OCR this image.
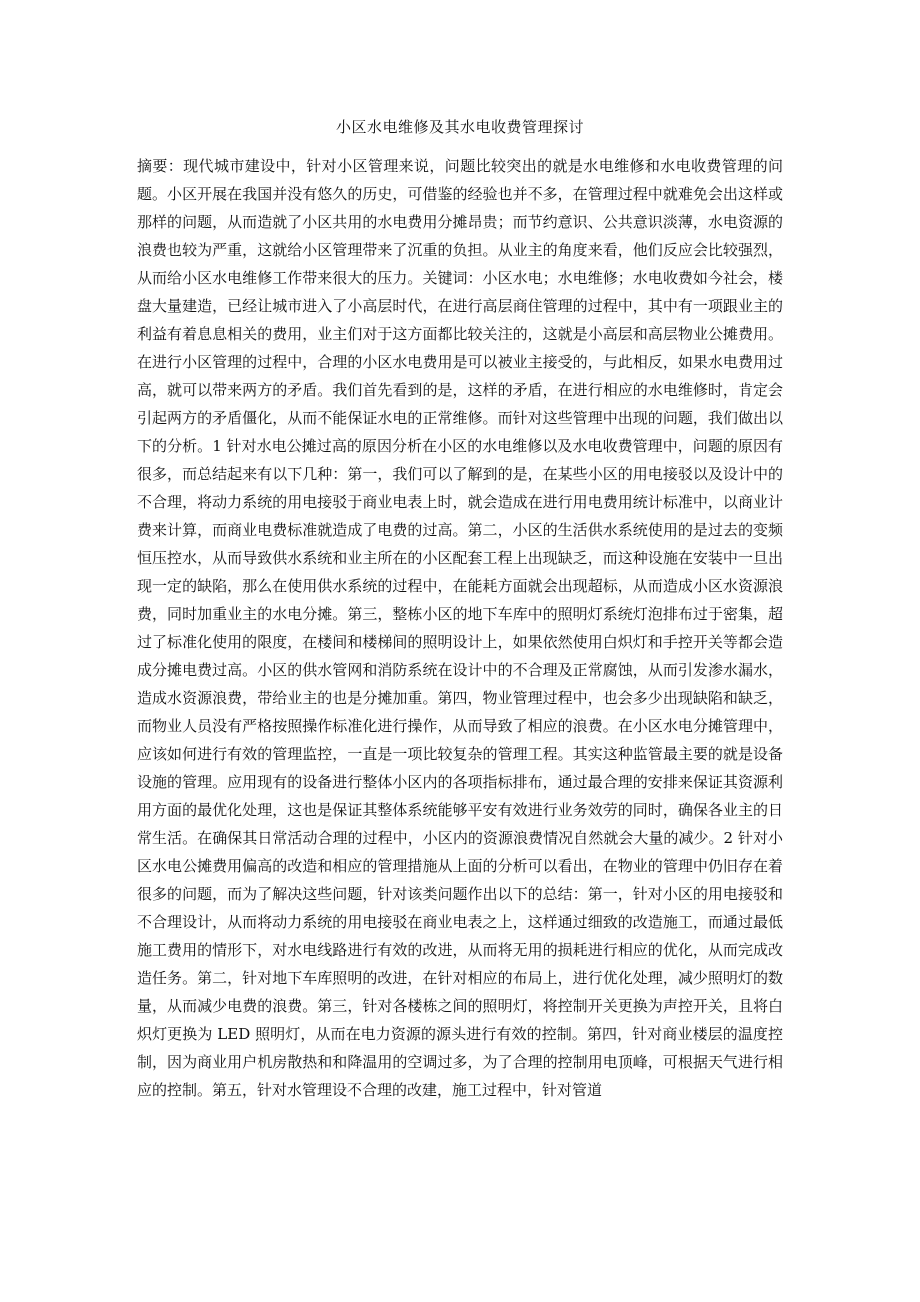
小区水电维修及其水电收费管理探讨

摘要：现代城市建设中，针对小区管理来说，问题比较突出的就是水电维修和水电收费管理的问题。小区开展在我国并没有悠久的历史，可借鉴的经验也并不多，在管理过程中就难免会出这样或那样的问题，从而造就了小区共用的水电费用分摊昂贵；而节约意识、公共意识淡薄，水电资源的浪费也较为严重，这就给小区管理带来了沉重的负担。从业主的角度来看，他们反应会比较强烈，从而给小区水电维修工作带来很大的压力。关键词：小区水电；水电维修；水电收费如今社会，楼盘大量建造，已经让城市进入了小高层时代，在进行高层商住管理的过程中，其中有一项跟业主的利益有着息息相关的费用，业主们对于这方面都比较关注的，这就是小高层和高层物业公摊费用。在进行小区管理的过程中，合理的小区水电费用是可以被业主接受的，与此相反，如果水电费用过高，就可以带来两方的矛盾。我们首先看到的是，这样的矛盾，在进行相应的水电维修时，肯定会引起两方的矛盾僵化，从而不能保证水电的正常维修。而针对这些管理中出现的问题，我们做出以下的分析。1 针对水电公摊过高的原因分析在小区的水电维修以及水电收费管理中，问题的原因有很多，而总结起来有以下几种：第一，我们可以了解到的是，在某些小区的用电接驳以及设计中的不合理，将动力系统的用电接驳于商业电表上时，就会造成在进行用电费用统计标准中，以商业计费来计算，而商业电费标准就造成了电费的过高。第二，小区的生活供水系统使用的是过去的变频恒压控水，从而导致供水系统和业主所在的小区配套工程上出现缺乏，而这种设施在安装中一旦出现一定的缺陷，那么在使用供水系统的过程中，在能耗方面就会出现超标，从而造成小区水资源浪费，同时加重业主的水电分摊。第三，整栋小区的地下车库中的照明灯系统灯泡排布过于密集，超过了标准化使用的限度，在楼间和楼梯间的照明设计上，如果依然使用白炽灯和手控开关等都会造成分摊电费过高。小区的供水管网和消防系统在设计中的不合理及正常腐蚀，从而引发渗水漏水，造成水资源浪费，带给业主的也是分摊加重。第四，物业管理过程中，也会多少出现缺陷和缺乏，而物业人员没有严格按照操作标准化进行操作，从而导致了相应的浪费。在小区水电分摊管理中，应该如何进行有效的管理监控，一直是一项比较复杂的管理工程。其实这种监管最主要的就是设备设施的管理。应用现有的设备进行整体小区内的各项指标排布，通过最合理的安排来保证其资源利用方面的最优化处理，这也是保证其整体系统能够平安有效进行业务效劳的同时，确保各业主的日常生活。在确保其日常活动合理的过程中，小区内的资源浪费情况自然就会大量的减少。2 针对小区水电公摊费用偏高的改造和相应的管理措施从上面的分析可以看出，在物业的管理中仍旧存在着很多的问题，而为了解决这些问题，针对该类问题作出以下的总结：第一，针对小区的用电接驳和不合理设计，从而将动力系统的用电接驳在商业电表之上，这样通过细致的改造施工，而通过最低施工费用的情形下，对水电线路进行有效的改进，从而将无用的损耗进行相应的优化，从而完成改造任务。第二，针对地下车库照明的改进，在针对相应的布局上，进行优化处理，减少照明灯的数量，从而减少电费的浪费。第三，针对各楼栋之间的照明灯，将控制开关更换为声控开关，且将白炽灯更换为 LED 照明灯，从而在电力资源的源头进行有效的控制。第四，针对商业楼层的温度控制，因为商业用户机房散热和和降温用的空调过多，为了合理的控制用电顶峰，可根据天气进行相应的控制。第五，针对水管理设不合理的改建，施工过程中，针对管道
